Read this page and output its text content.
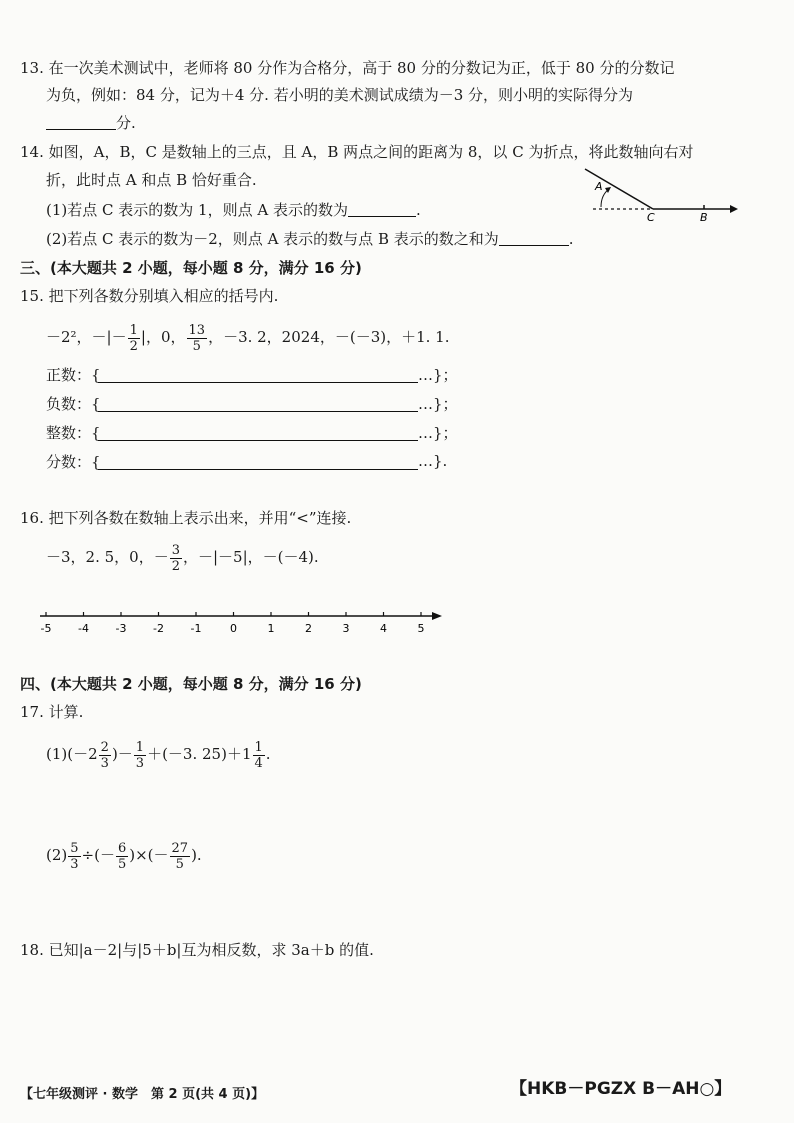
13. 在一次美术测试中，老师将 80 分作为合格分，高于 80 分的分数记为正，低于 80 分的分数记
为负，例如：84 分，记为＋4 分. 若小明的美术测试成绩为－3 分，则小明的实际得分为
分.
14. 如图，A，B，C 是数轴上的三点，且 A，B 两点之间的距离为 8，以 C 为折点，将此数轴向右对
折，此时点 A 和点 B 恰好重合.
(1)若点 C 表示的数为 1，则点 A 表示的数为	.
(2)若点 C 表示的数为－2，则点 A 表示的数与点 B 表示的数之和为	.
A
C	B
三、(本大题共 2 小题，每小题 8 分，满分 16 分)
15. 把下列各数分别填入相应的括号内.
－2²，－|－ $\frac{1}{2}$ |，0， $\frac{13}{5}$ ，－3. 2，2024，－(－3)，＋1. 1.
正数：{	…}；
负数：{	…}；
整数：{	…}；
分数：{	…}.
16. 把下列各数在数轴上表示出来，并用“<”连接.
－3，2. 5，0，－ $\frac{3}{2}$ ，－|－5|，－(－4).
-5 -4 -3 -2 -1	0	1	2	3	4	5
四、(本大题共 2 小题，每小题 8 分，满分 16 分)
17. 计算.
$(1)(-2 \frac{2}{3}$ )－ $\frac{1}{3} +(-3$. $25)+1 \frac{1}{4}$ .
$(2) \frac{5}{3}$ ÷(－ $\frac{6}{5}$ )×(－ $\frac{27}{5}$ ).
18. 已知|a－2|与|5＋b|互为相反数，求 3a＋b 的值.
【七年级测评 · 数学　第 2 页(共 4 页)】	【HKB－PGZX B－AH○】
